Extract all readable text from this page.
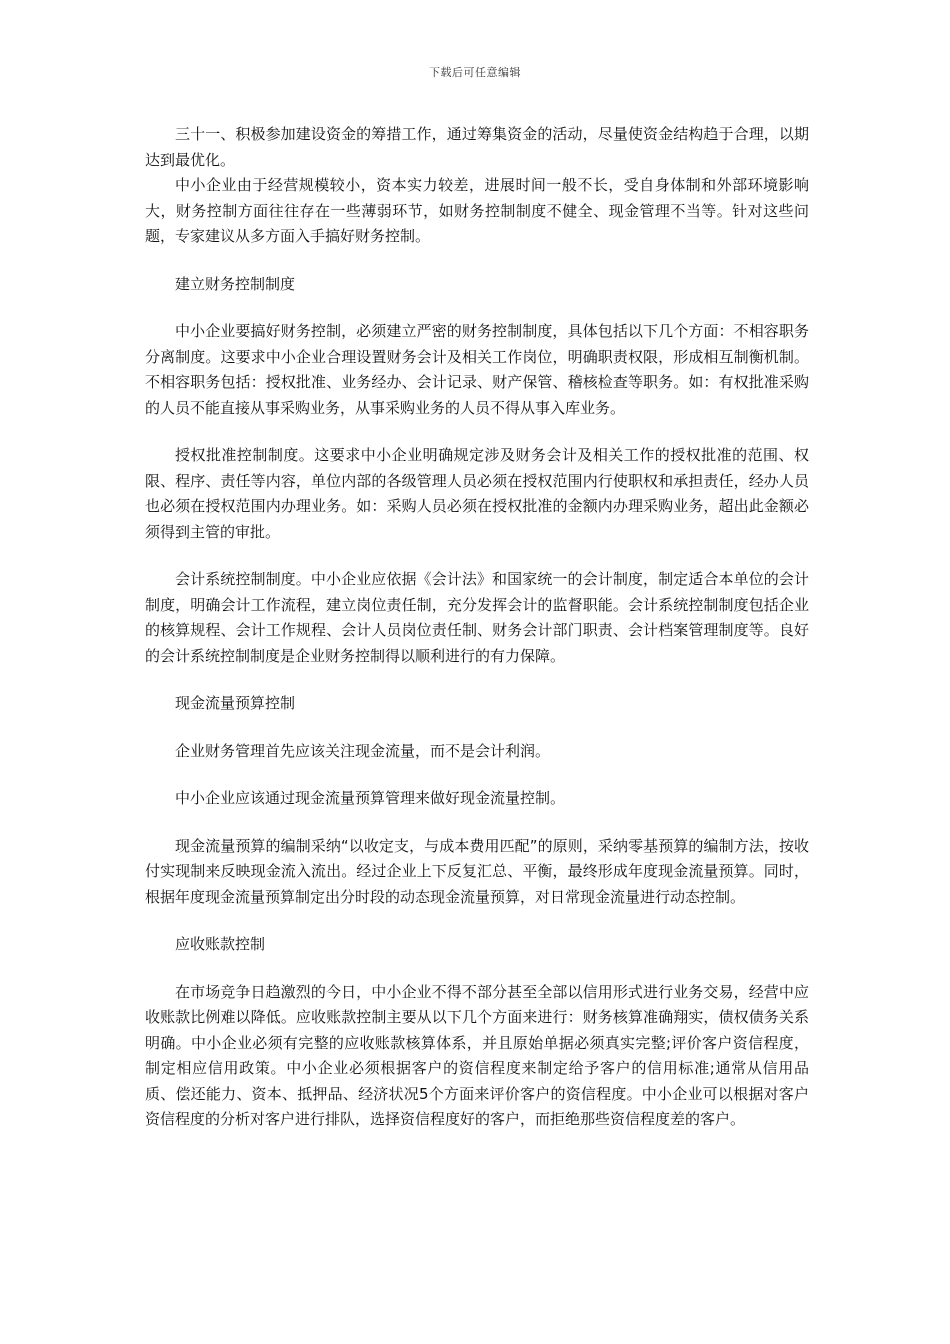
下载后可任意编辑

三十一、积极参加建设资金的筹措工作，通过筹集资金的活动，尽量使资金结构趋于合理，以期达到最优化。

中小企业由于经营规模较小，资本实力较差，进展时间一般不长，受自身体制和外部环境影响大，财务控制方面往往存在一些薄弱环节，如财务控制制度不健全、现金管理不当等。针对这些问题，专家建议从多方面入手搞好财务控制。

建立财务控制制度

中小企业要搞好财务控制，必须建立严密的财务控制制度，具体包括以下几个方面：不相容职务分离制度。这要求中小企业合理设置财务会计及相关工作岗位，明确职责权限，形成相互制衡机制。不相容职务包括：授权批准、业务经办、会计记录、财产保管、稽核检查等职务。如：有权批准采购的人员不能直接从事采购业务，从事采购业务的人员不得从事入库业务。

授权批准控制制度。这要求中小企业明确规定涉及财务会计及相关工作的授权批准的范围、权限、程序、责任等内容，单位内部的各级管理人员必须在授权范围内行使职权和承担责任，经办人员也必须在授权范围内办理业务。如：采购人员必须在授权批准的金额内办理采购业务，超出此金额必须得到主管的审批。

会计系统控制制度。中小企业应依据《会计法》和国家统一的会计制度，制定适合本单位的会计制度，明确会计工作流程，建立岗位责任制，充分发挥会计的监督职能。会计系统控制制度包括企业的核算规程、会计工作规程、会计人员岗位责任制、财务会计部门职责、会计档案管理制度等。良好的会计系统控制制度是企业财务控制得以顺利进行的有力保障。

现金流量预算控制

企业财务管理首先应该关注现金流量，而不是会计利润。

中小企业应该通过现金流量预算管理来做好现金流量控制。

现金流量预算的编制采纳“以收定支，与成本费用匹配”的原则，采纳零基预算的编制方法，按收付实现制来反映现金流入流出。经过企业上下反复汇总、平衡，最终形成年度现金流量预算。同时，根据年度现金流量预算制定出分时段的动态现金流量预算，对日常现金流量进行动态控制。

应收账款控制

在市场竞争日趋激烈的今日，中小企业不得不部分甚至全部以信用形式进行业务交易，经营中应收账款比例难以降低。应收账款控制主要从以下几个方面来进行：财务核算准确翔实，债权债务关系明确。中小企业必须有完整的应收账款核算体系，并且原始单据必须真实完整;评价客户资信程度，制定相应信用政策。中小企业必须根据客户的资信程度来制定给予客户的信用标准;通常从信用品质、偿还能力、资本、抵押品、经济状况5个方面来评价客户的资信程度。中小企业可以根据对客户资信程度的分析对客户进行排队，选择资信程度好的客户，而拒绝那些资信程度差的客户。
